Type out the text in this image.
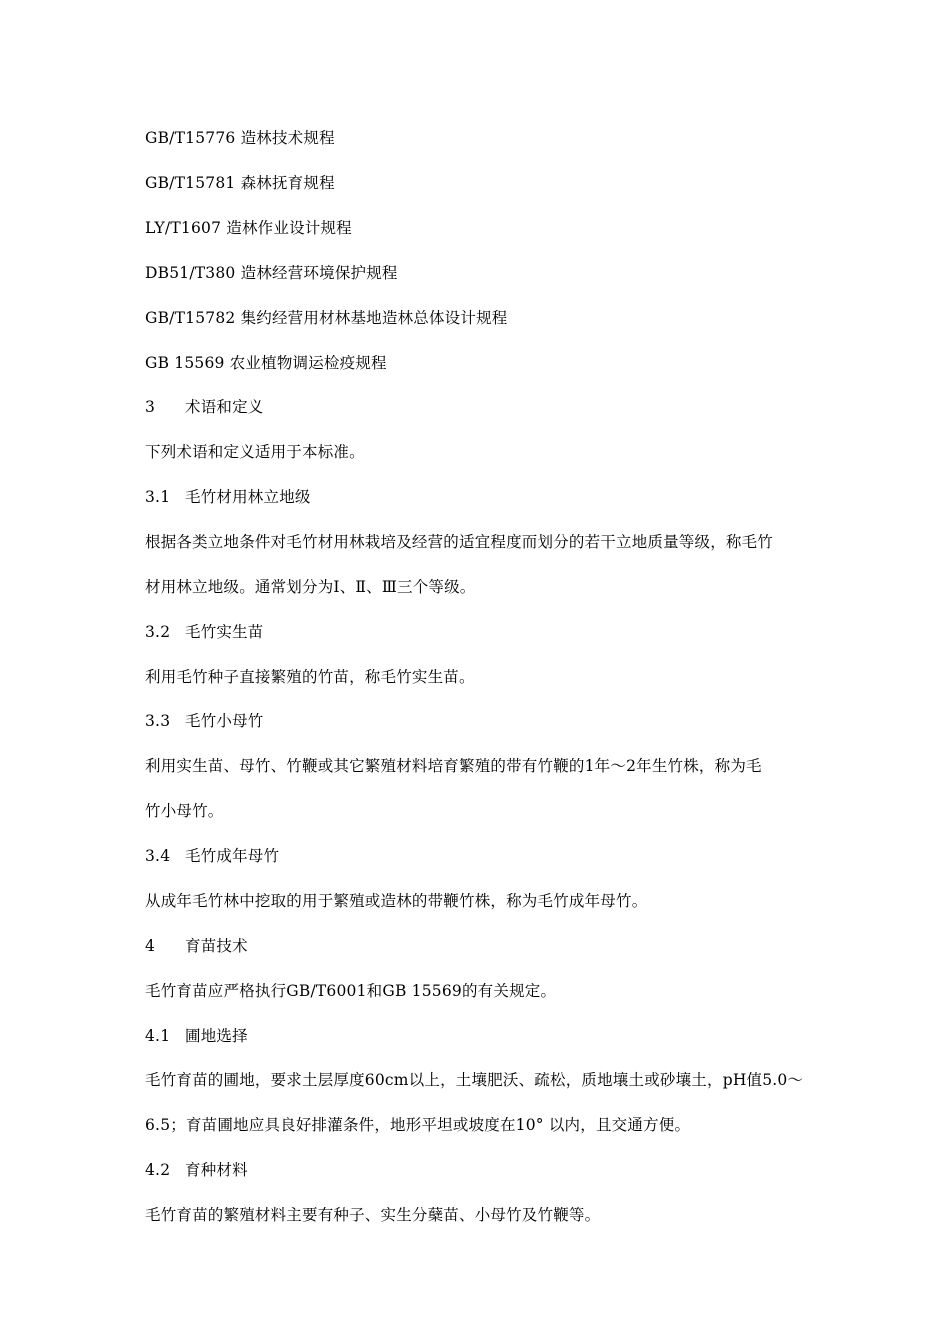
GB/T15776 造林技术规程
GB/T15781 森林抚育规程
LY/T1607 造林作业设计规程
DB51/T380 造林经营环境保护规程
GB/T15782 集约经营用材林基地造林总体设计规程
GB 15569 农业植物调运检疫规程
3 术语和定义
下列术语和定义适用于本标准。
3.1 毛竹材用林立地级
根据各类立地条件对毛竹材用林栽培及经营的适宜程度而划分的若干立地质量等级，称毛竹
材用林立地级。通常划分为Ⅰ、Ⅱ、Ⅲ三个等级。
3.2 毛竹实生苗
利用毛竹种子直接繁殖的竹苗，称毛竹实生苗。
3.3 毛竹小母竹
利用实生苗、母竹、竹鞭或其它繁殖材料培育繁殖的带有竹鞭的1年～2年生竹株，称为毛
竹小母竹。
3.4 毛竹成年母竹
从成年毛竹林中挖取的用于繁殖或造林的带鞭竹株，称为毛竹成年母竹。
4 育苗技术
毛竹育苗应严格执行GB/T6001和GB 15569的有关规定。
4.1 圃地选择
毛竹育苗的圃地，要求土层厚度60cm以上，土壤肥沃、疏松，质地壤土或砂壤土，pH值5.0～
6.5；育苗圃地应具良好排灌条件，地形平坦或坡度在10° 以内，且交通方便。
4.2 育种材料
毛竹育苗的繁殖材料主要有种子、实生分蘖苗、小母竹及竹鞭等。
